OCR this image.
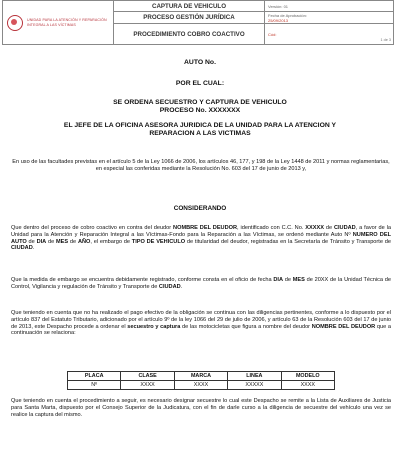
UNIDAD PARA LA ATENCIÓN Y REPARACIÓN INTEGRAL A LAS VÍCTIMAS	CAPTURA DE VEHICULO	Versión: 01
	PROCESO GESTIÓN JURÍDICA	Fecha de Aprobación:
25/09/2013

	PROCEDIMIENTO COBRO COACTIVO	Cód:
1 de 3
AUTO No.
POR EL CUAL:
SE ORDENA SECUESTRO Y CAPTURA DE VEHICULO
PROCESO No. XXXXXXX
EL JEFE DE LA OFICINA ASESORA JURIDICA DE LA UNIDAD PARA LA ATENCION Y
REPARACION A LAS VICTIMAS
En uso de las facultades previstas en el artículo 5 de la Ley 1066 de 2006, los artículos 46, 177, y 198 de la Ley 1448 de 2011 y normas reglamentarias, en especial las conferidas mediante la Resolución No. 603 del 17 de junio de 2013 y,
CONSIDERANDO
Que dentro del proceso de cobro coactivo en contra del deudor NOMBRE DEL DEUDOR, identificado con C.C. No. XXXXX de CIUDAD, a favor de la Unidad para la Atención y Reparación Integral a las Víctimas-Fondo para la Reparación a las Víctimas, se ordenó mediante Auto Nº NUMERO DEL AUTO de DIA de MES de AÑO, el embargo de TIPO DE VEHICULO de titularidad del deudor, registradas en la Secretaría de Tránsito y Transporte de CIUDAD.
Que la medida de embargo se encuentra debidamente registrado, conforme consta en el oficio de fecha DIA de MES de 20XX de la Unidad Técnica de Control, Vigilancia y regulación de Tránsito y Transporte de CIUDAD.
Que teniendo en cuenta que no ha realizado el pago efectivo de la obligación se continua con las diligencias pertinentes, conforme a lo dispuesto por el artículo 837 del Estatuto Tributario, adicionado por el artículo 9º de la ley 1066 del 29 de julio de 2006, y artículo 63 de la Resolución 603 del 17 de junio de 2013, este Despacho procede a ordenar el secuestro y captura de las motocicletas que figura a nombre del deudor NOMBRE DEL DEUDOR que a continuación se relaciona:
PLACA	CLASE	MARCA	LINEA	MODELO
Nº	XXXX	XXXX	XXXXX	XXXX
Que teniendo en cuenta el procedimiento a seguir, es necesario designar secuestre lo cual este Despacho se remite a la Lista de Auxiliares de Justicia para Santa Marta, dispuesto por el Consejo Superior de la Judicatura, con el fin de darle curso a la diligencia de secuestre del vehículo una vez se realice la captura del mismo.
